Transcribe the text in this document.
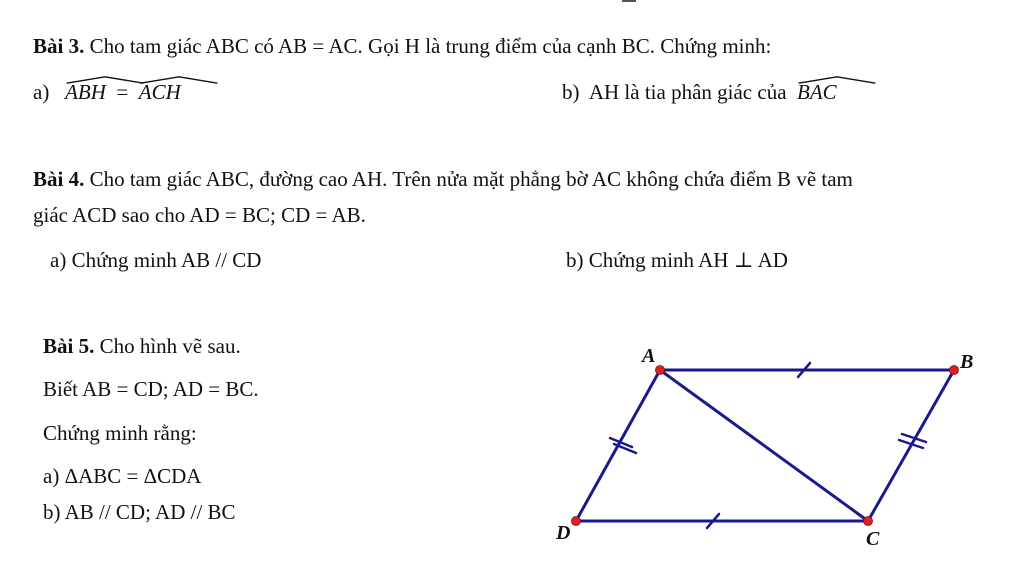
Bài 3. Cho tam giác ABC có AB = AC. Gọi H là trung điểm của cạnh BC. Chứng minh:
a) ABH = ACH	b) AH là tia phân giác của BAC
Bài 4. Cho tam giác ABC, đường cao AH. Trên nửa mặt phẳng bờ AC không chứa điểm B vẽ tam
giác ACD sao cho AD = BC; CD = AB.
a) Chứng minh AB // CD	b) Chứng minh AH ⊥ AD
Bài 5. Cho hình vẽ sau.
Biết AB = CD; AD = BC.
Chứng minh rằng:
a) ΔABC = ΔCDA
b) AB // CD; AD // BC
A	B
C
D
